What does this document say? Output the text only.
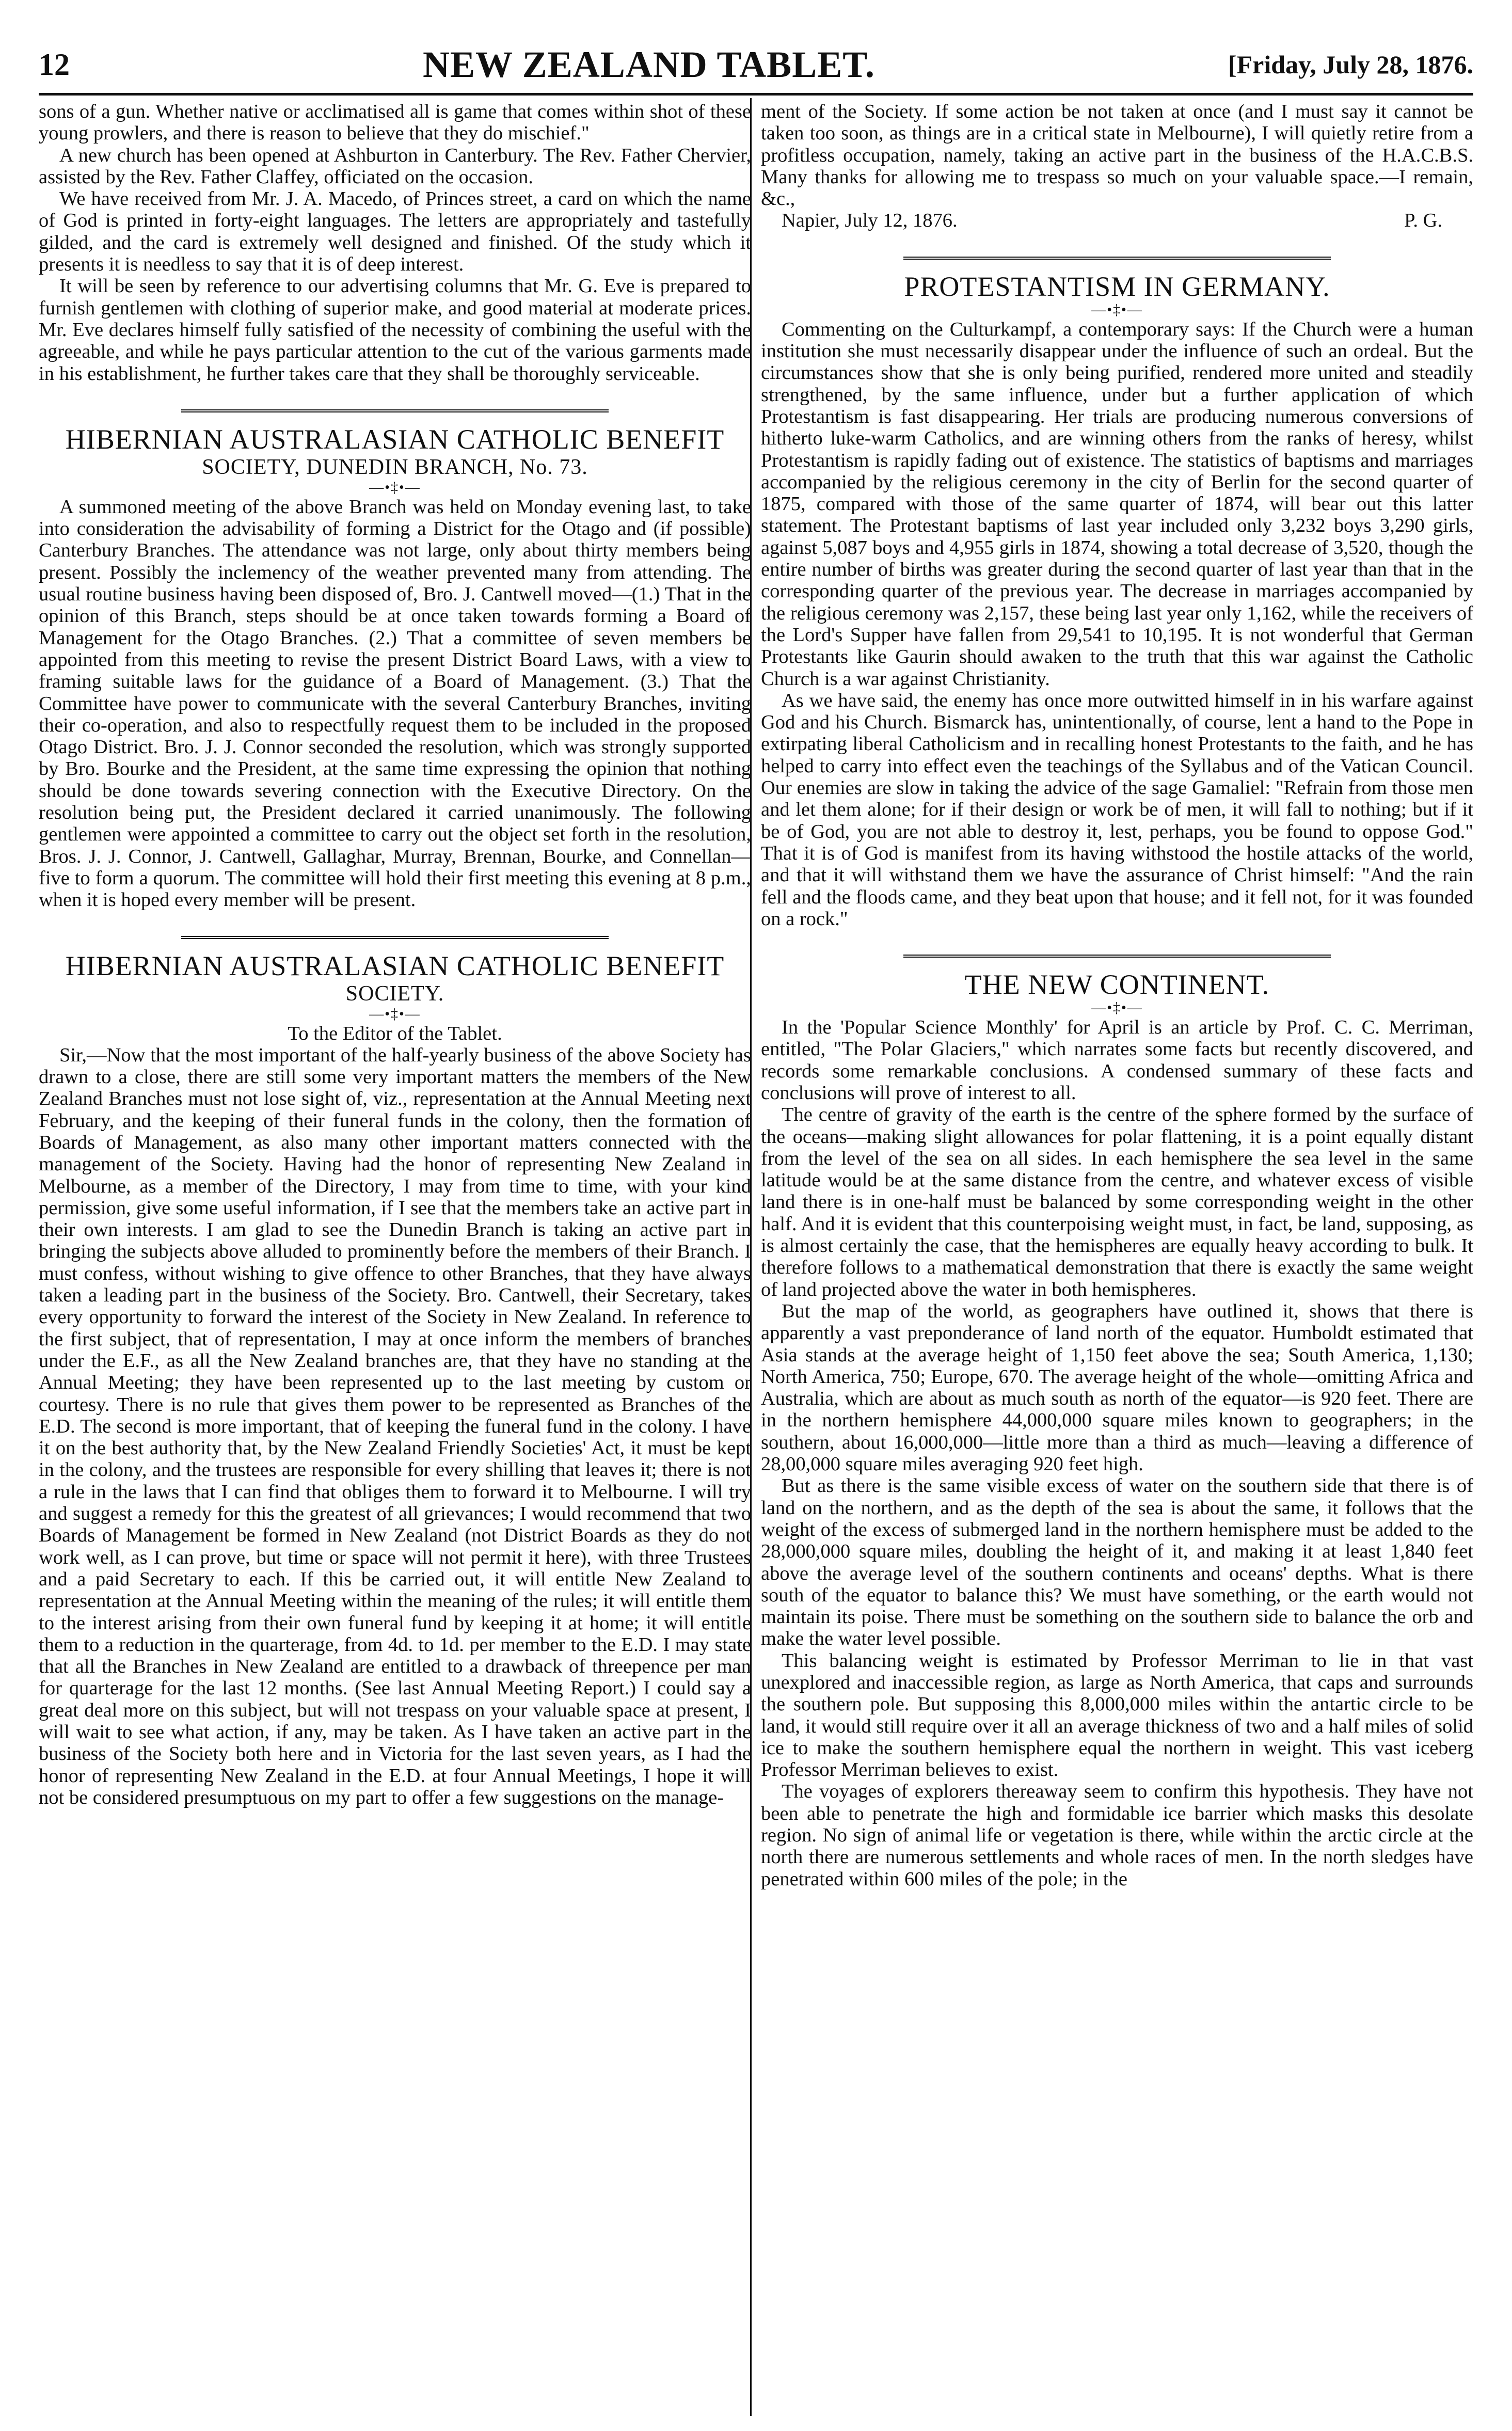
12	NEW ZEALAND TABLET.	[Friday, July 28, 1876.

sons of a gun. Whether native or acclimatised all is game that comes within shot of these young prowlers, and there is reason to believe that they do mischief."

A new church has been opened at Ashburton in Canterbury. The Rev. Father Chervier, assisted by the Rev. Father Claffey, officiated on the occasion.

We have received from Mr. J. A. Macedo, of Princes street, a card on which the name of God is printed in forty-eight languages. The letters are appropriately and tastefully gilded, and the card is extremely well designed and finished. Of the study which it presents it is needless to say that it is of deep interest.

It will be seen by reference to our advertising columns that Mr. G. Eve is prepared to furnish gentlemen with clothing of superior make, and good material at moderate prices. Mr. Eve declares himself fully satisfied of the necessity of combining the useful with the agreeable, and while he pays particular attention to the cut of the various garments made in his establishment, he further takes care that they shall be thoroughly serviceable.

HIBERNIAN AUSTRALASIAN CATHOLIC BENEFIT
SOCIETY, DUNEDIN BRANCH, No. 73.
—•‡•—

A summoned meeting of the above Branch was held on Monday evening last, to take into consideration the advisability of forming a District for the Otago and (if possible) Canterbury Branches. The attendance was not large, only about thirty members being present. Possibly the inclemency of the weather prevented many from attending. The usual routine business having been disposed of, Bro. J. Cantwell moved—(1.) That in the opinion of this Branch, steps should be at once taken towards forming a Board of Management for the Otago Branches. (2.) That a committee of seven members be appointed from this meeting to revise the present District Board Laws, with a view to framing suitable laws for the guidance of a Board of Management. (3.) That the Committee have power to communicate with the several Canterbury Branches, inviting their co-operation, and also to respectfully request them to be included in the proposed Otago District. Bro. J. J. Connor seconded the resolution, which was strongly supported by Bro. Bourke and the President, at the same time expressing the opinion that nothing should be done towards severing connection with the Executive Directory. On the resolution being put, the President declared it carried unanimously. The following gentlemen were appointed a committee to carry out the object set forth in the resolution, Bros. J. J. Connor, J. Cantwell, Gallaghar, Murray, Brennan, Bourke, and Connellan—five to form a quorum. The committee will hold their first meeting this evening at 8 p.m., when it is hoped every member will be present.

HIBERNIAN AUSTRALASIAN CATHOLIC BENEFIT
SOCIETY.
—•‡•—

To the Editor of the Tablet.

Sir,—Now that the most important of the half-yearly business of the above Society has drawn to a close, there are still some very important matters the members of the New Zealand Branches must not lose sight of, viz., representation at the Annual Meeting next February, and the keeping of their funeral funds in the colony, then the formation of Boards of Management, as also many other important matters connected with the management of the Society. Having had the honor of representing New Zealand in Melbourne, as a member of the Directory, I may from time to time, with your kind permission, give some useful information, if I see that the members take an active part in their own interests. I am glad to see the Dunedin Branch is taking an active part in bringing the subjects above alluded to prominently before the members of their Branch. I must confess, without wishing to give offence to other Branches, that they have always taken a leading part in the business of the Society. Bro. Cantwell, their Secretary, takes every opportunity to forward the interest of the Society in New Zealand. In reference to the first subject, that of representation, I may at once inform the members of branches under the E.F., as all the New Zealand branches are, that they have no standing at the Annual Meeting; they have been represented up to the last meeting by custom or courtesy. There is no rule that gives them power to be represented as Branches of the E.D. The second is more important, that of keeping the funeral fund in the colony. I have it on the best authority that, by the New Zealand Friendly Societies' Act, it must be kept in the colony, and the trustees are responsible for every shilling that leaves it; there is not a rule in the laws that I can find that obliges them to forward it to Melbourne. I will try and suggest a remedy for this the greatest of all grievances; I would recommend that two Boards of Management be formed in New Zealand (not District Boards as they do not work well, as I can prove, but time or space will not permit it here), with three Trustees and a paid Secretary to each. If this be carried out, it will entitle New Zealand to representation at the Annual Meeting within the meaning of the rules; it will entitle them to the interest arising from their own funeral fund by keeping it at home; it will entitle them to a reduction in the quarterage, from 4d. to 1d. per member to the E.D. I may state that all the Branches in New Zealand are entitled to a drawback of threepence per man for quarterage for the last 12 months. (See last Annual Meeting Report.) I could say a great deal more on this subject, but will not trespass on your valuable space at present, I will wait to see what action, if any, may be taken. As I have taken an active part in the business of the Society both here and in Victoria for the last seven years, as I had the honor of representing New Zealand in the E.D. at four Annual Meetings, I hope it will not be considered presumptuous on my part to offer a few suggestions on the manage-

ment of the Society. If some action be not taken at once (and I must say it cannot be taken too soon, as things are in a critical state in Melbourne), I will quietly retire from a profitless occupation, namely, taking an active part in the business of the H.A.C.B.S. Many thanks for allowing me to trespass so much on your valuable space.—I remain, &c.,

Napier, July 12, 1876.	P. G.
PROTESTANTISM IN GERMANY.
—•‡•—

Commenting on the Culturkampf, a contemporary says: If the Church were a human institution she must necessarily disappear under the influence of such an ordeal. But the circumstances show that she is only being purified, rendered more united and steadily strengthened, by the same influence, under but a further application of which Protestantism is fast disappearing. Her trials are producing numerous conversions of hitherto luke-warm Catholics, and are winning others from the ranks of heresy, whilst Protestantism is rapidly fading out of existence. The statistics of baptisms and marriages accompanied by the religious ceremony in the city of Berlin for the second quarter of 1875, compared with those of the same quarter of 1874, will bear out this latter statement. The Protestant baptisms of last year included only 3,232 boys 3,290 girls, against 5,087 boys and 4,955 girls in 1874, showing a total decrease of 3,520, though the entire number of births was greater during the second quarter of last year than that in the corresponding quarter of the previous year. The decrease in marriages accompanied by the religious ceremony was 2,157, these being last year only 1,162, while the receivers of the Lord's Supper have fallen from 29,541 to 10,195. It is not wonderful that German Protestants like Gaurin should awaken to the truth that this war against the Catholic Church is a war against Christianity.

As we have said, the enemy has once more outwitted himself in in his warfare against God and his Church. Bismarck has, unintentionally, of course, lent a hand to the Pope in extirpating liberal Catholicism and in recalling honest Protestants to the faith, and he has helped to carry into effect even the teachings of the Syllabus and of the Vatican Council. Our enemies are slow in taking the advice of the sage Gamaliel: "Refrain from those men and let them alone; for if their design or work be of men, it will fall to nothing; but if it be of God, you are not able to destroy it, lest, perhaps, you be found to oppose God." That it is of God is manifest from its having withstood the hostile attacks of the world, and that it will withstand them we have the assurance of Christ himself: "And the rain fell and the floods came, and they beat upon that house; and it fell not, for it was founded on a rock."

THE NEW CONTINENT.
—•‡•—

In the 'Popular Science Monthly' for April is an article by Prof. C. C. Merriman, entitled, "The Polar Glaciers," which narrates some facts but recently discovered, and records some remarkable conclusions. A condensed summary of these facts and conclusions will prove of interest to all.

The centre of gravity of the earth is the centre of the sphere formed by the surface of the oceans—making slight allowances for polar flattening, it is a point equally distant from the level of the sea on all sides. In each hemisphere the sea level in the same latitude would be at the same distance from the centre, and whatever excess of visible land there is in one-half must be balanced by some corresponding weight in the other half. And it is evident that this counterpoising weight must, in fact, be land, supposing, as is almost certainly the case, that the hemispheres are equally heavy according to bulk. It therefore follows to a mathematical demonstration that there is exactly the same weight of land projected above the water in both hemispheres.

But the map of the world, as geographers have outlined it, shows that there is apparently a vast preponderance of land north of the equator. Humboldt estimated that Asia stands at the average height of 1,150 feet above the sea; South America, 1,130; North America, 750; Europe, 670. The average height of the whole—omitting Africa and Australia, which are about as much south as north of the equator—is 920 feet. There are in the northern hemisphere 44,000,000 square miles known to geographers; in the southern, about 16,000,000—little more than a third as much—leaving a difference of 28,00,000 square miles averaging 920 feet high.

But as there is the same visible excess of water on the southern side that there is of land on the northern, and as the depth of the sea is about the same, it follows that the weight of the excess of submerged land in the northern hemisphere must be added to the 28,000,000 square miles, doubling the height of it, and making it at least 1,840 feet above the average level of the southern continents and oceans' depths. What is there south of the equator to balance this? We must have something, or the earth would not maintain its poise. There must be something on the southern side to balance the orb and make the water level possible.

This balancing weight is estimated by Professor Merriman to lie in that vast unexplored and inaccessible region, as large as North America, that caps and surrounds the southern pole. But supposing this 8,000,000 miles within the antartic circle to be land, it would still require over it all an average thickness of two and a half miles of solid ice to make the southern hemisphere equal the northern in weight. This vast iceberg Professor Merriman believes to exist.

The voyages of explorers thereaway seem to confirm this hypothesis. They have not been able to penetrate the high and formidable ice barrier which masks this desolate region. No sign of animal life or vegetation is there, while within the arctic circle at the north there are numerous settlements and whole races of men. In the north sledges have penetrated within 600 miles of the pole; in the
